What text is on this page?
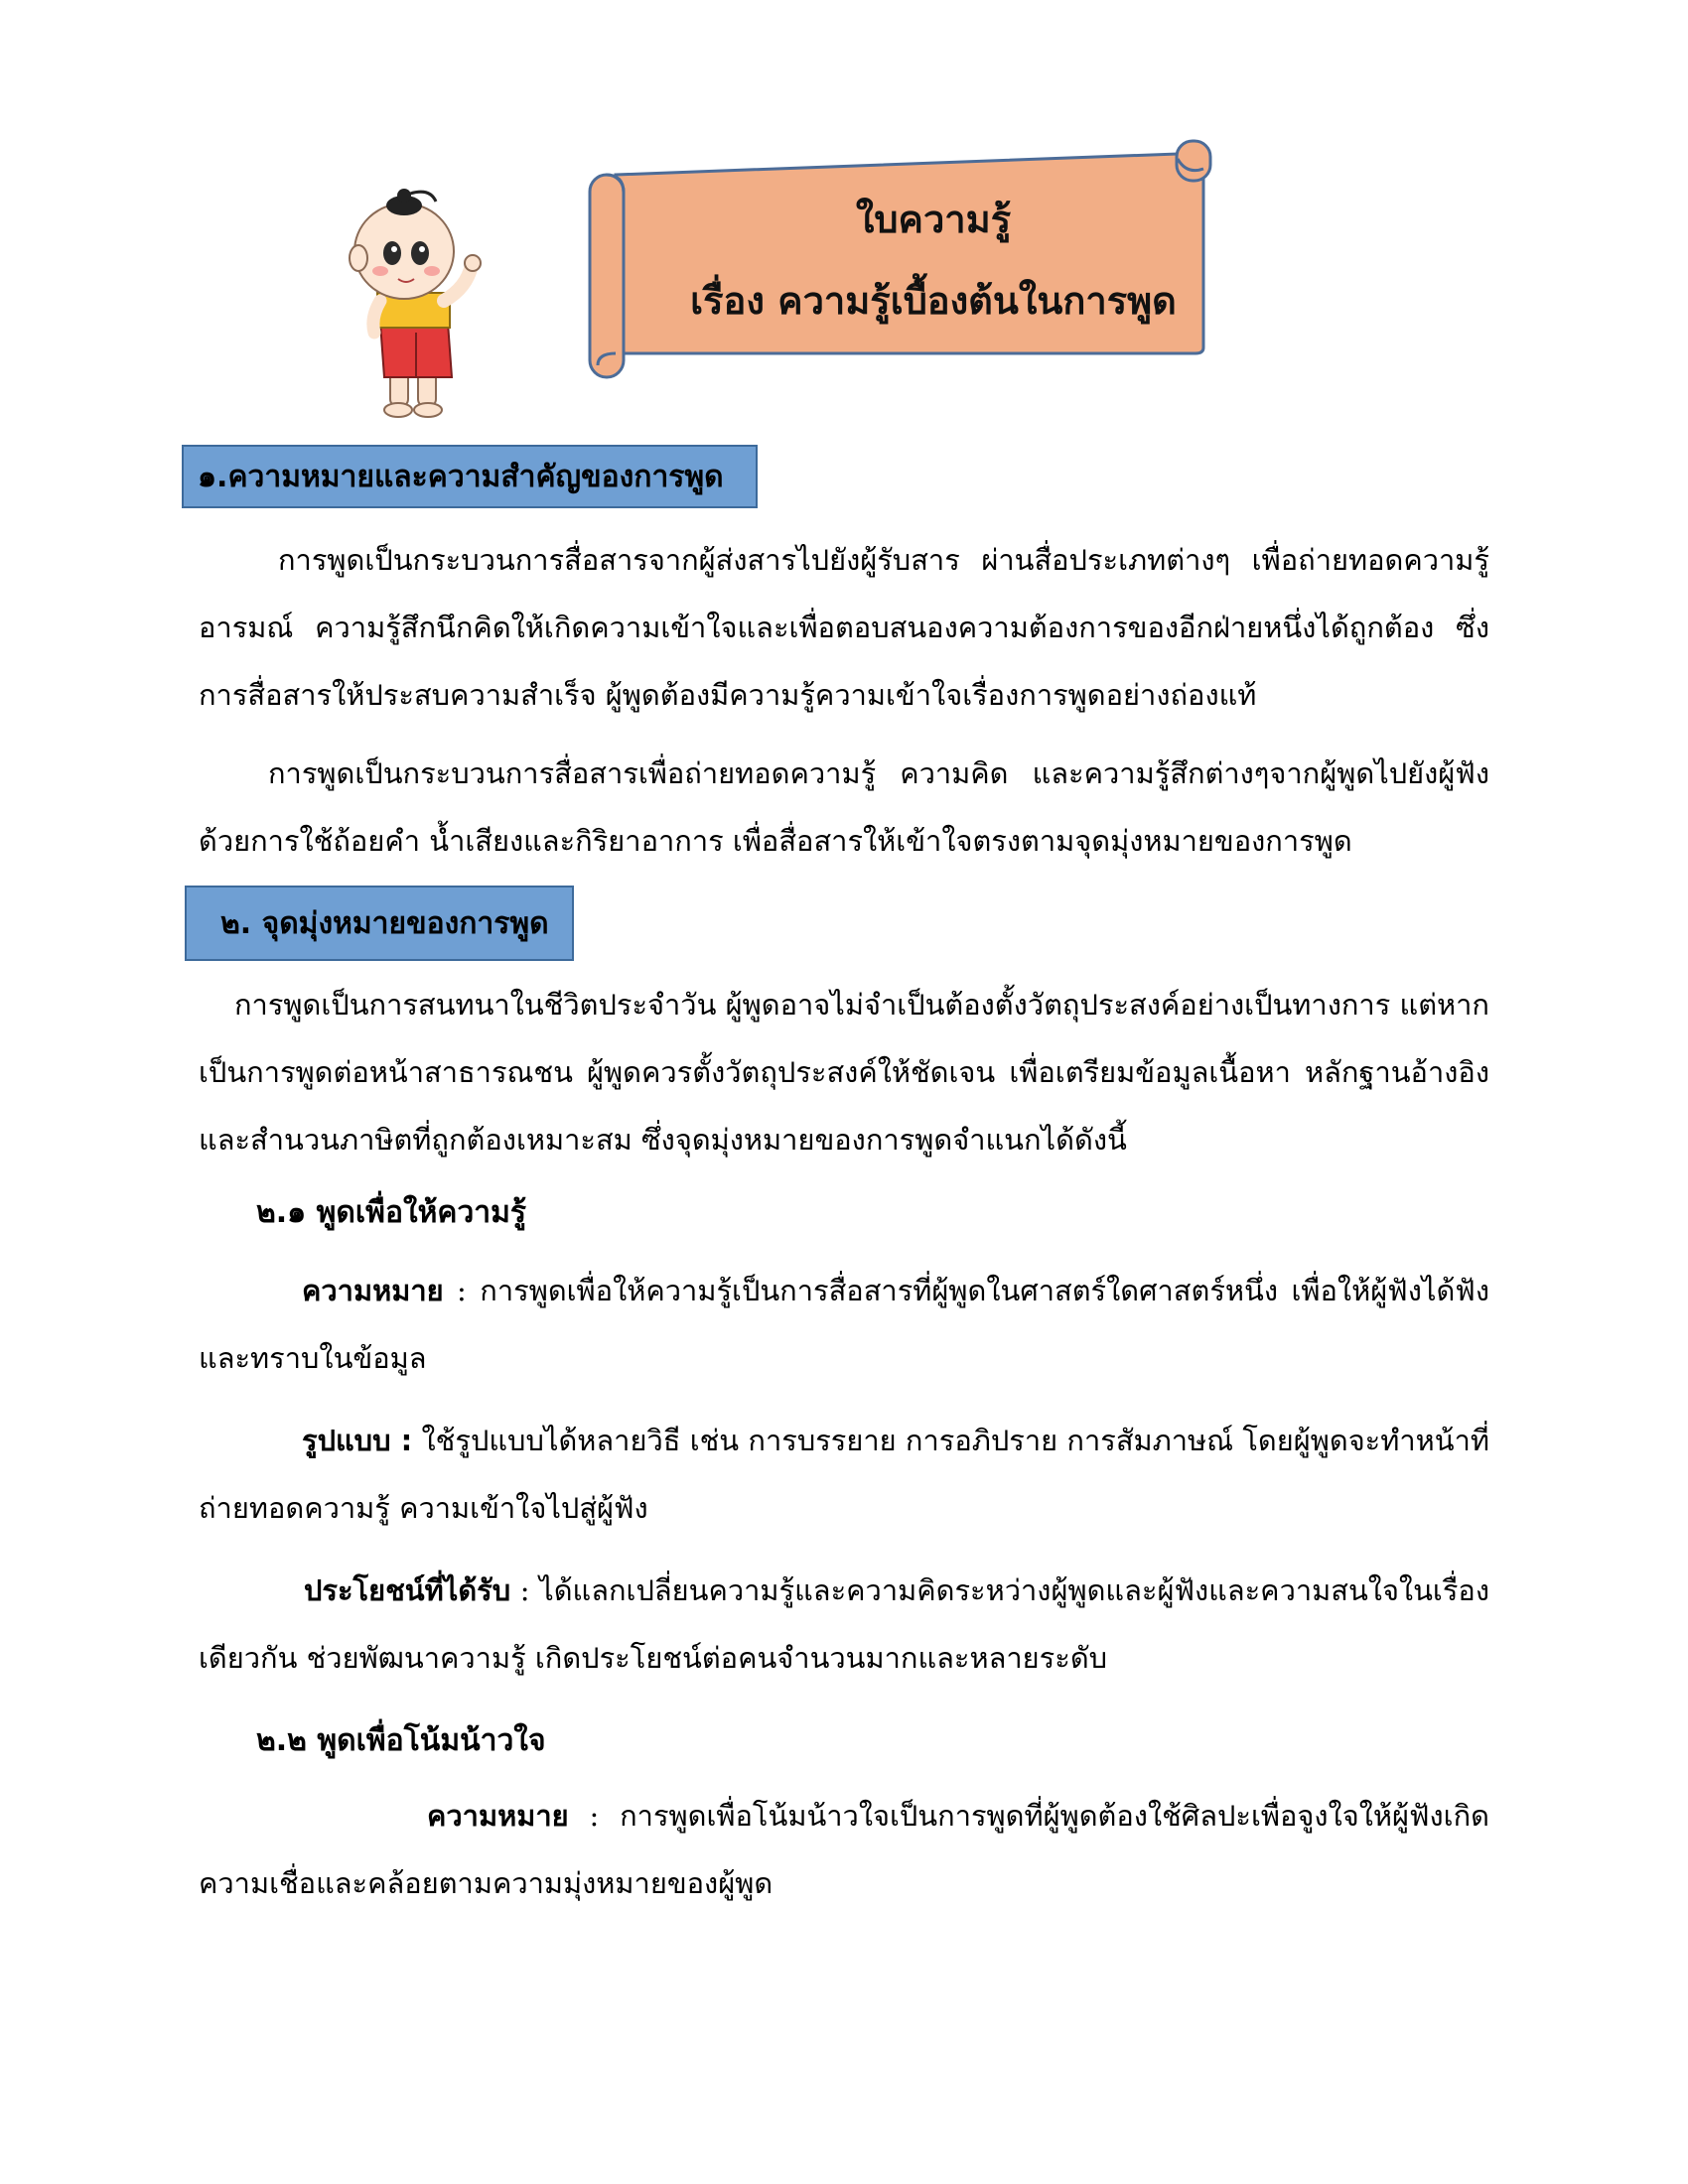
ใบความรู้
เรื่อง ความรู้เบื้องต้นในการพูด
๑.ความหมายและความสำคัญของการพูด

การพูดเป็นกระบวนการสื่อสารจากผู้ส่งสารไปยังผู้รับสาร ผ่านสื่อประเภทต่างๆ เพื่อถ่ายทอดความรู้ อารมณ์ ความรู้สึกนึกคิดให้เกิดความเข้าใจและเพื่อตอบสนองความต้องการของอีกฝ่ายหนึ่งได้ถูกต้อง ซึ่งการสื่อสารให้ประสบความสำเร็จ ผู้พูดต้องมีความรู้ความเข้าใจเรื่องการพูดอย่างถ่องแท้

การพูดเป็นกระบวนการสื่อสารเพื่อถ่ายทอดความรู้ ความคิด และความรู้สึกต่างๆจากผู้พูดไปยังผู้ฟัง ด้วยการใช้ถ้อยคำ น้ำเสียงและกิริยาอาการ เพื่อสื่อสารให้เข้าใจตรงตามจุดมุ่งหมายของการพูด

๒. จุดมุ่งหมายของการพูด

การพูดเป็นการสนทนาในชีวิตประจำวัน ผู้พูดอาจไม่จำเป็นต้องตั้งวัตถุประสงค์อย่างเป็นทางการ แต่หากเป็นการพูดต่อหน้าสาธารณชน ผู้พูดควรตั้งวัตถุประสงค์ให้ชัดเจน เพื่อเตรียมข้อมูลเนื้อหา หลักฐานอ้างอิงและสำนวนภาษิตที่ถูกต้องเหมาะสม ซึ่งจุดมุ่งหมายของการพูดจำแนกได้ดังนี้

๒.๑ พูดเพื่อให้ความรู้

ความหมาย : การพูดเพื่อให้ความรู้เป็นการสื่อสารที่ผู้พูดในศาสตร์ใดศาสตร์หนึ่ง เพื่อให้ผู้ฟังได้ฟังและทราบในข้อมูล

รูปแบบ : ใช้รูปแบบได้หลายวิธี เช่น การบรรยาย การอภิปราย การสัมภาษณ์ โดยผู้พูดจะทำหน้าที่ถ่ายทอดความรู้ ความเข้าใจไปสู่ผู้ฟัง

ประโยชน์ที่ได้รับ : ได้แลกเปลี่ยนความรู้และความคิดระหว่างผู้พูดและผู้ฟังและความสนใจในเรื่องเดียวกัน ช่วยพัฒนาความรู้ เกิดประโยชน์ต่อคนจำนวนมากและหลายระดับ

๒.๒ พูดเพื่อโน้มน้าวใจ

ความหมาย : การพูดเพื่อโน้มน้าวใจเป็นการพูดที่ผู้พูดต้องใช้ศิลปะเพื่อจูงใจให้ผู้ฟังเกิดความเชื่อและคล้อยตามความมุ่งหมายของผู้พูด
